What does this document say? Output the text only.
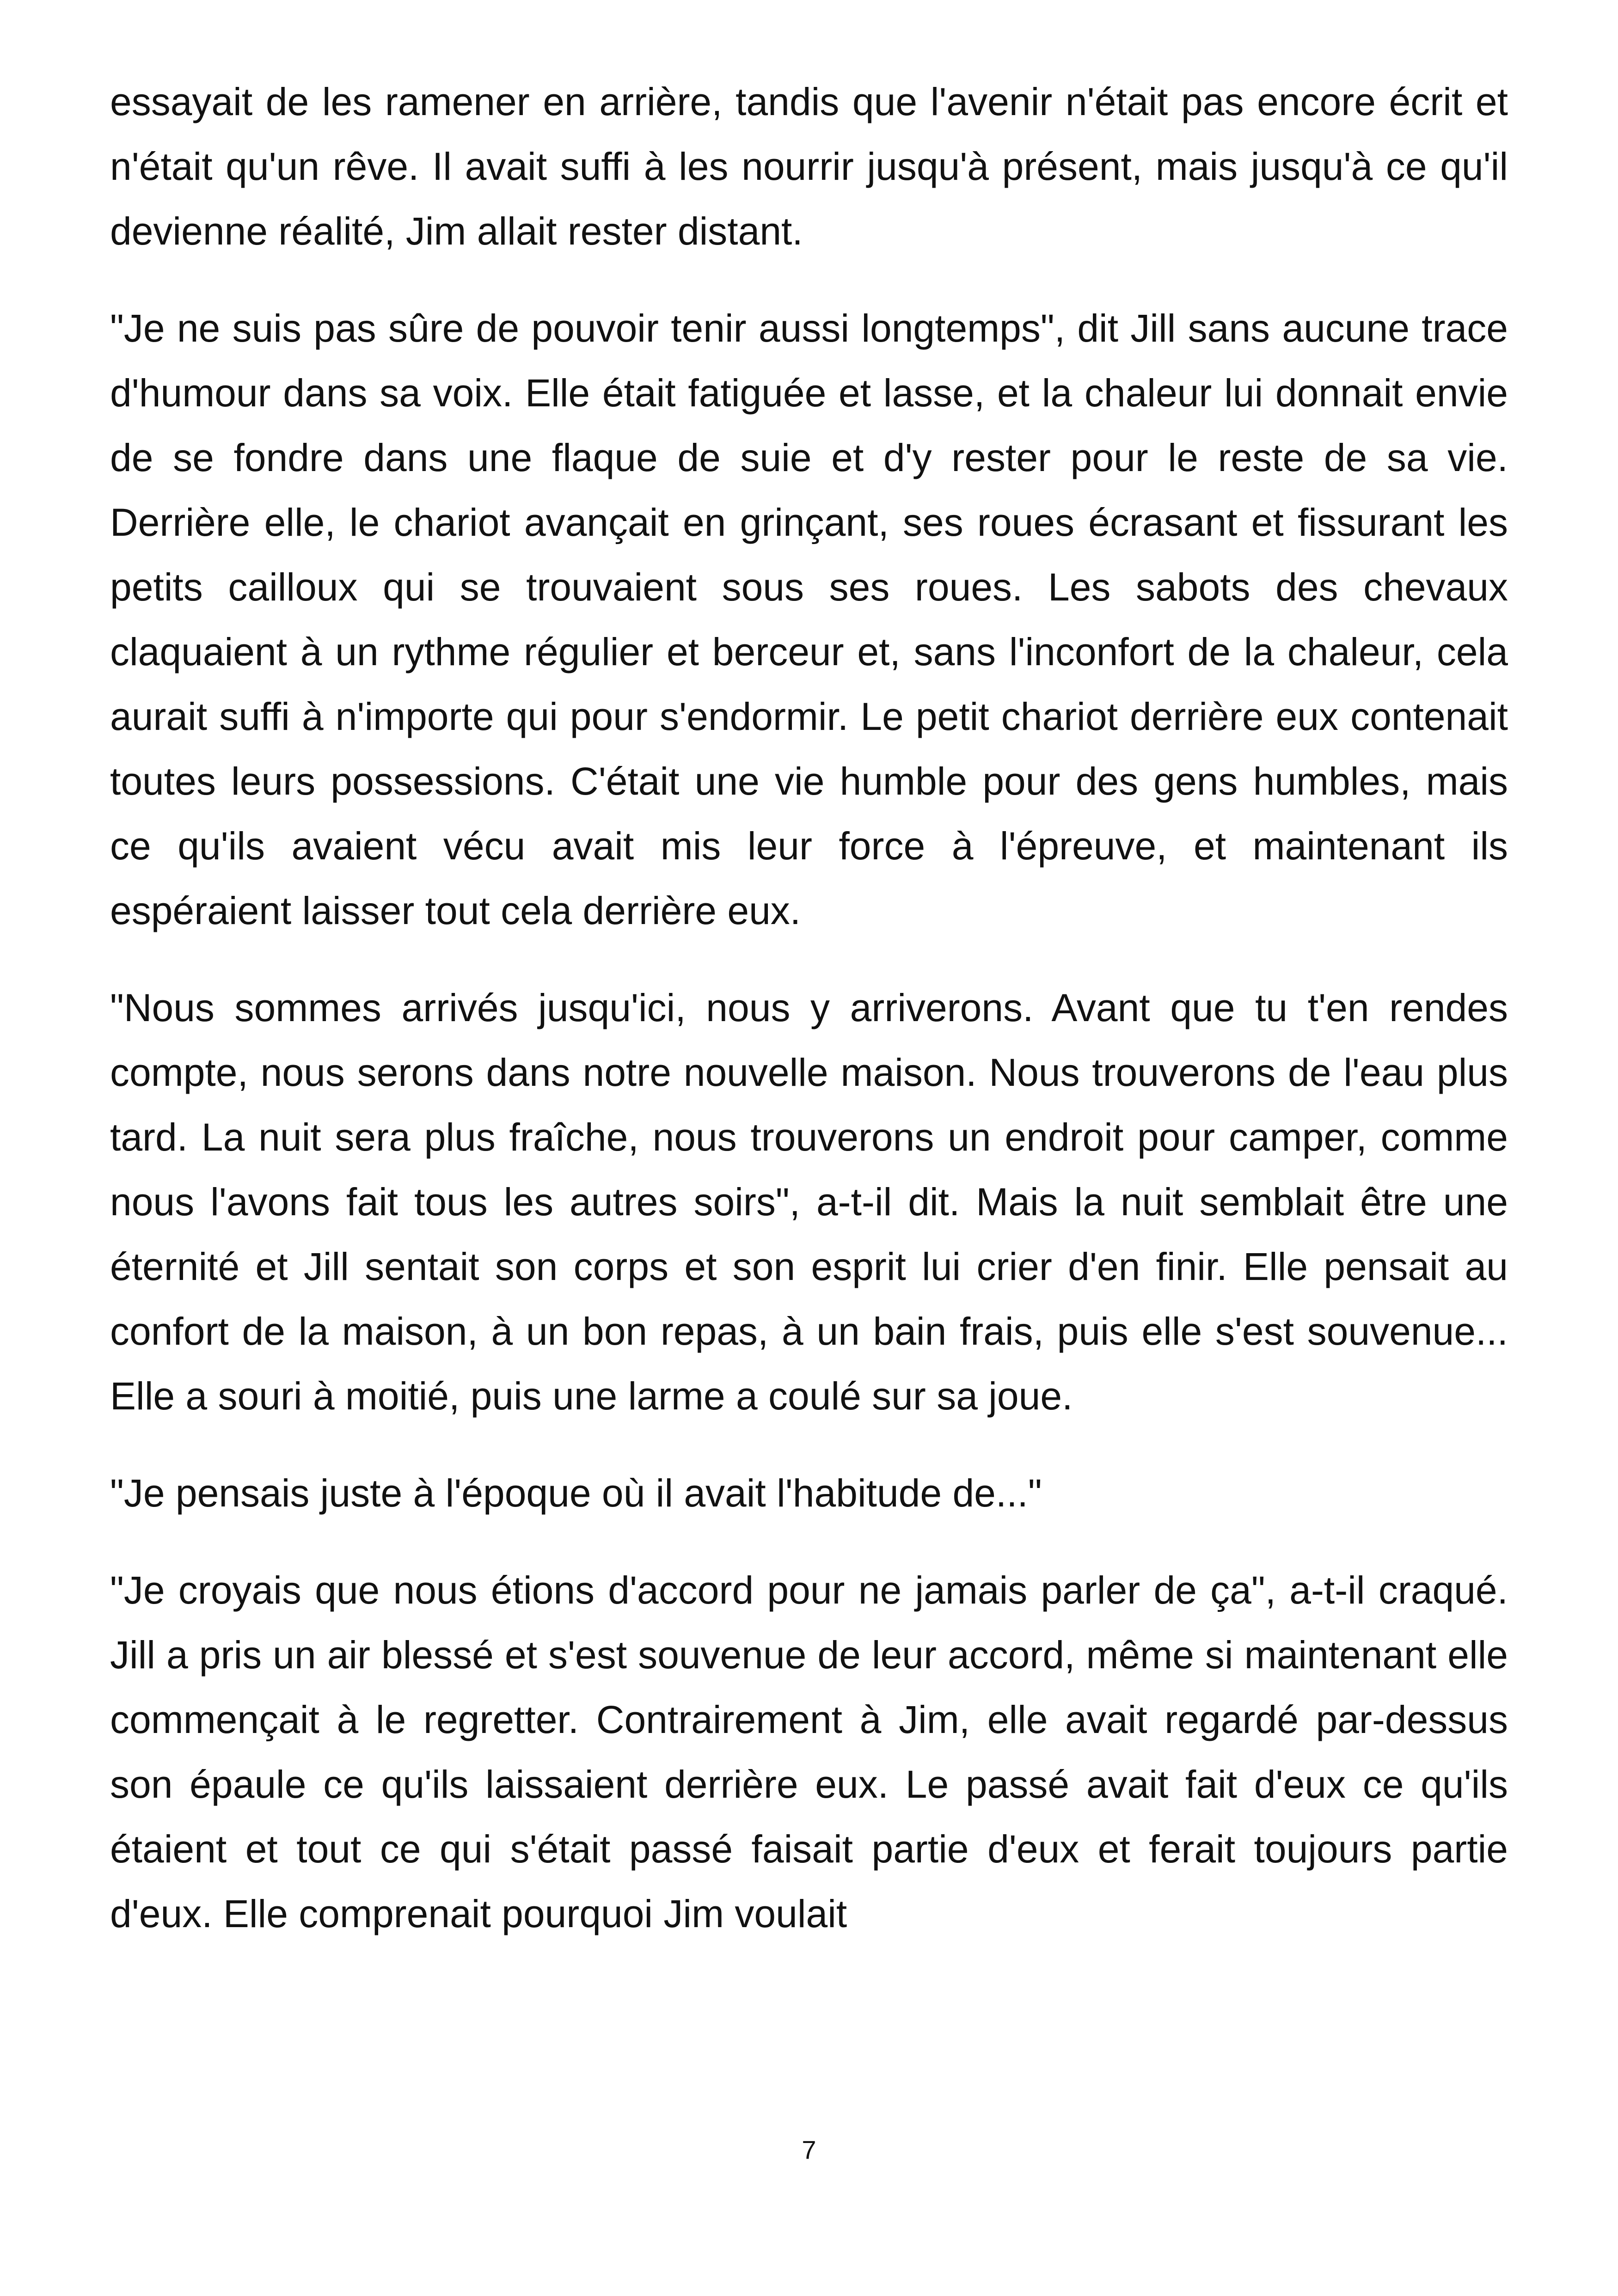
essayait de les ramener en arrière, tandis que l'avenir n'était pas encore écrit et n'était qu'un rêve. Il avait suffi à les nourrir jusqu'à présent, mais jusqu'à ce qu'il devienne réalité, Jim allait rester distant.

"Je ne suis pas sûre de pouvoir tenir aussi longtemps", dit Jill sans aucune trace d'humour dans sa voix. Elle était fatiguée et lasse, et la chaleur lui donnait envie de se fondre dans une flaque de suie et d'y rester pour le reste de sa vie. Derrière elle, le chariot avançait en grinçant, ses roues écrasant et fissurant les petits cailloux qui se trouvaient sous ses roues. Les sabots des chevaux claquaient à un rythme régulier et berceur et, sans l'inconfort de la chaleur, cela aurait suffi à n'importe qui pour s'endormir. Le petit chariot derrière eux contenait toutes leurs possessions. C'était une vie humble pour des gens humbles, mais ce qu'ils avaient vécu avait mis leur force à l'épreuve, et maintenant ils espéraient laisser tout cela derrière eux.

"Nous sommes arrivés jusqu'ici, nous y arriverons. Avant que tu t'en rendes compte, nous serons dans notre nouvelle maison. Nous trouverons de l'eau plus tard. La nuit sera plus fraîche, nous trouverons un endroit pour camper, comme nous l'avons fait tous les autres soirs", a-t-il dit. Mais la nuit semblait être une éternité et Jill sentait son corps et son esprit lui crier d'en finir. Elle pensait au confort de la maison, à un bon repas, à un bain frais, puis elle s'est souvenue... Elle a souri à moitié, puis une larme a coulé sur sa joue.

"Je pensais juste à l'époque où il avait l'habitude de..."

"Je croyais que nous étions d'accord pour ne jamais parler de ça", a-t-il craqué. Jill a pris un air blessé et s'est souvenue de leur accord, même si maintenant elle commençait à le regretter. Contrairement à Jim, elle avait regardé par-dessus son épaule ce qu'ils laissaient derrière eux. Le passé avait fait d'eux ce qu'ils étaient et tout ce qui s'était passé faisait partie d'eux et ferait toujours partie d'eux. Elle comprenait pourquoi Jim voulait

7
